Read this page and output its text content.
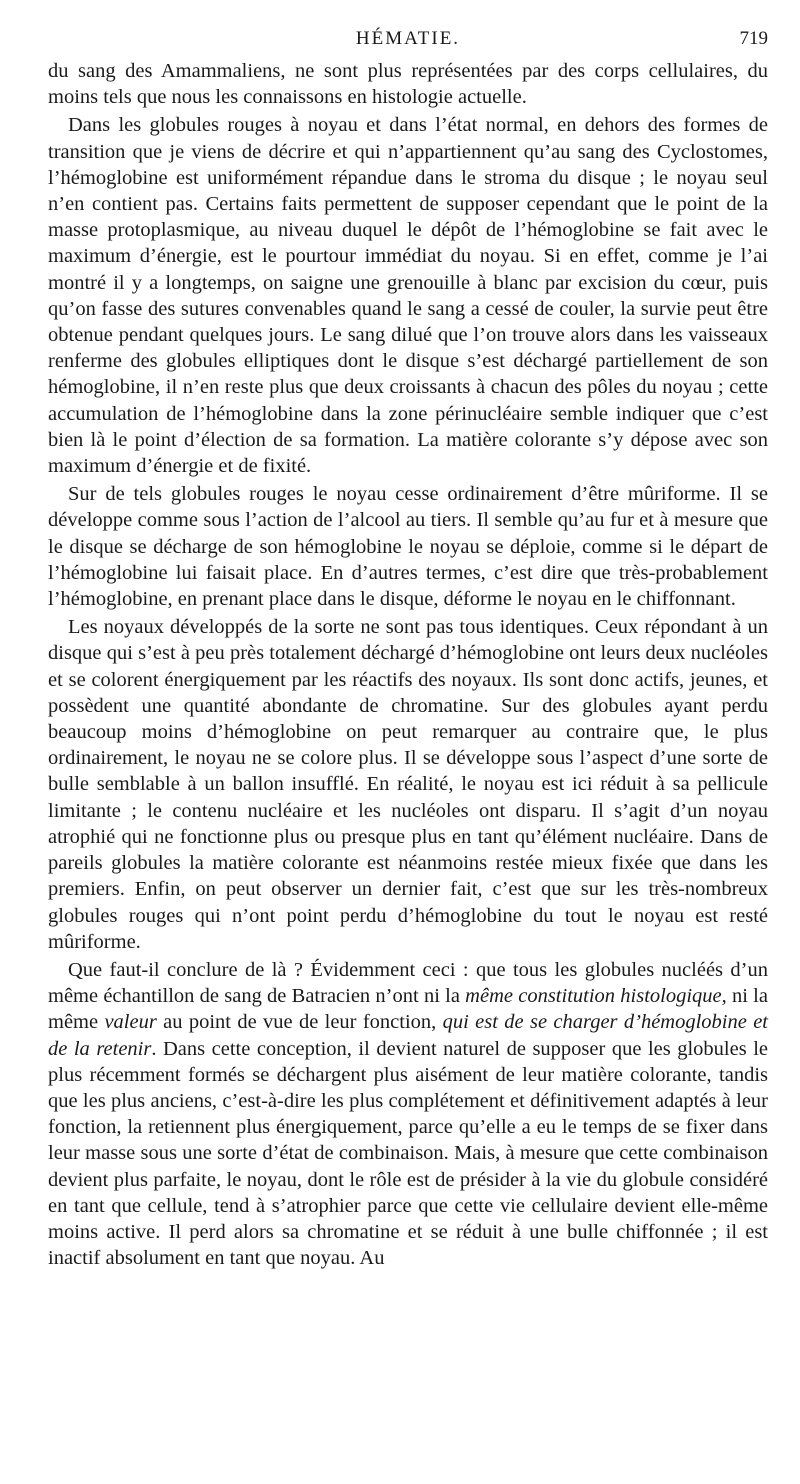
HÉMATIE.	719

du sang des Amammaliens, ne sont plus représentées par des corps cellulaires, du moins tels que nous les connaissons en histologie actuelle.

Dans les globules rouges à noyau et dans l’état normal, en dehors des formes de transition que je viens de décrire et qui n’appartiennent qu’au sang des Cyclostomes, l’hémoglobine est uniformément répandue dans le stroma du disque ; le noyau seul n’en contient pas. Certains faits permettent de supposer cependant que le point de la masse protoplasmique, au niveau duquel le dépôt de l’hémoglobine se fait avec le maximum d’énergie, est le pourtour immédiat du noyau. Si en effet, comme je l’ai montré il y a longtemps, on saigne une grenouille à blanc par excision du cœur, puis qu’on fasse des sutures convenables quand le sang a cessé de couler, la survie peut être obtenue pendant quelques jours. Le sang dilué que l’on trouve alors dans les vaisseaux renferme des globules elliptiques dont le disque s’est déchargé partiellement de son hémoglobine, il n’en reste plus que deux croissants à chacun des pôles du noyau ; cette accumulation de l’hémoglobine dans la zone périnucléaire semble indiquer que c’est bien là le point d’élection de sa formation. La matière colorante s’y dépose avec son maximum d’énergie et de fixité.

Sur de tels globules rouges le noyau cesse ordinairement d’être mûriforme. Il se développe comme sous l’action de l’alcool au tiers. Il semble qu’au fur et à mesure que le disque se décharge de son hémoglobine le noyau se déploie, comme si le départ de l’hémoglobine lui faisait place. En d’autres termes, c’est dire que très-probablement l’hémoglobine, en prenant place dans le disque, déforme le noyau en le chiffonnant.

Les noyaux développés de la sorte ne sont pas tous identiques. Ceux répondant à un disque qui s’est à peu près totalement déchargé d’hémoglobine ont leurs deux nucléoles et se colorent énergiquement par les réactifs des noyaux. Ils sont donc actifs, jeunes, et possèdent une quantité abondante de chromatine. Sur des globules ayant perdu beaucoup moins d’hémoglobine on peut remarquer au contraire que, le plus ordinairement, le noyau ne se colore plus. Il se développe sous l’aspect d’une sorte de bulle semblable à un ballon insufflé. En réalité, le noyau est ici réduit à sa pellicule limitante ; le contenu nucléaire et les nucléoles ont disparu. Il s’agit d’un noyau atrophié qui ne fonctionne plus ou presque plus en tant qu’élément nucléaire. Dans de pareils globules la matière colorante est néanmoins restée mieux fixée que dans les premiers. Enfin, on peut observer un dernier fait, c’est que sur les très-nombreux globules rouges qui n’ont point perdu d’hémoglobine du tout le noyau est resté mûriforme.

Que faut-il conclure de là ? Évidemment ceci : que tous les globules nucléés d’un même échantillon de sang de Batracien n’ont ni la même constitution histologique, ni la même valeur au point de vue de leur fonction, qui est de se charger d’hémoglobine et de la retenir. Dans cette conception, il devient naturel de supposer que les globules le plus récemment formés se déchargent plus aisément de leur matière colorante, tandis que les plus anciens, c’est-à-dire les plus complétement et définitivement adaptés à leur fonction, la retiennent plus énergiquement, parce qu’elle a eu le temps de se fixer dans leur masse sous une sorte d’état de combinaison. Mais, à mesure que cette combinaison devient plus parfaite, le noyau, dont le rôle est de présider à la vie du globule considéré en tant que cellule, tend à s’atrophier parce que cette vie cellulaire devient elle-même moins active. Il perd alors sa chromatine et se réduit à une bulle chiffonnée ; il est inactif absolument en tant que noyau. Au
